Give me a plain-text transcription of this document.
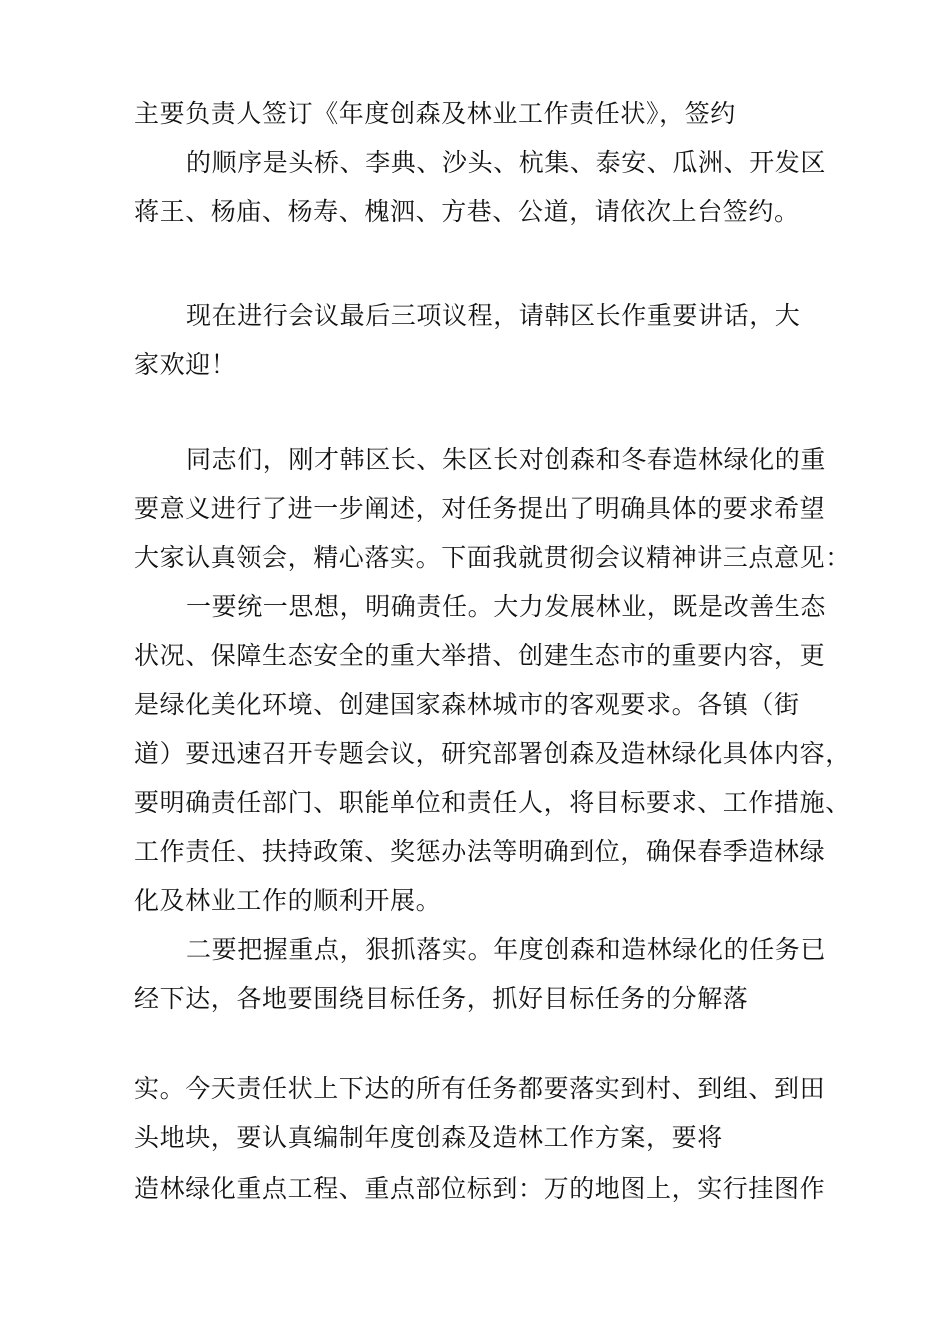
主要负责人签订《年度创森及林业工作责任状》，签约
的顺序是头桥、李典、沙头、杭集、泰安、瓜洲、开发区
蒋王、杨庙、杨寿、槐泗、方巷、公道，请依次上台签约。
现在进行会议最后三项议程，请韩区长作重要讲话，大
家欢迎！
同志们，刚才韩区长、朱区长对创森和冬春造林绿化的重
要意义进行了进一步阐述，对任务提出了明确具体的要求希望
大家认真领会，精心落实。下面我就贯彻会议精神讲三点意见：
一要统一思想，明确责任。大力发展林业，既是改善生态
状况、保障生态安全的重大举措、创建生态市的重要内容，更
是绿化美化环境、创建国家森林城市的客观要求。各镇（街
道）要迅速召开专题会议，研究部署创森及造林绿化具体内容，
要明确责任部门、职能单位和责任人，将目标要求、工作措施、
工作责任、扶持政策、奖惩办法等明确到位，确保春季造林绿
化及林业工作的顺利开展。
二要把握重点，狠抓落实。年度创森和造林绿化的任务已
经下达，各地要围绕目标任务，抓好目标任务的分解落
实。今天责任状上下达的所有任务都要落实到村、到组、到田
头地块，要认真编制年度创森及造林工作方案，要将
造林绿化重点工程、重点部位标到：万的地图上，实行挂图作
